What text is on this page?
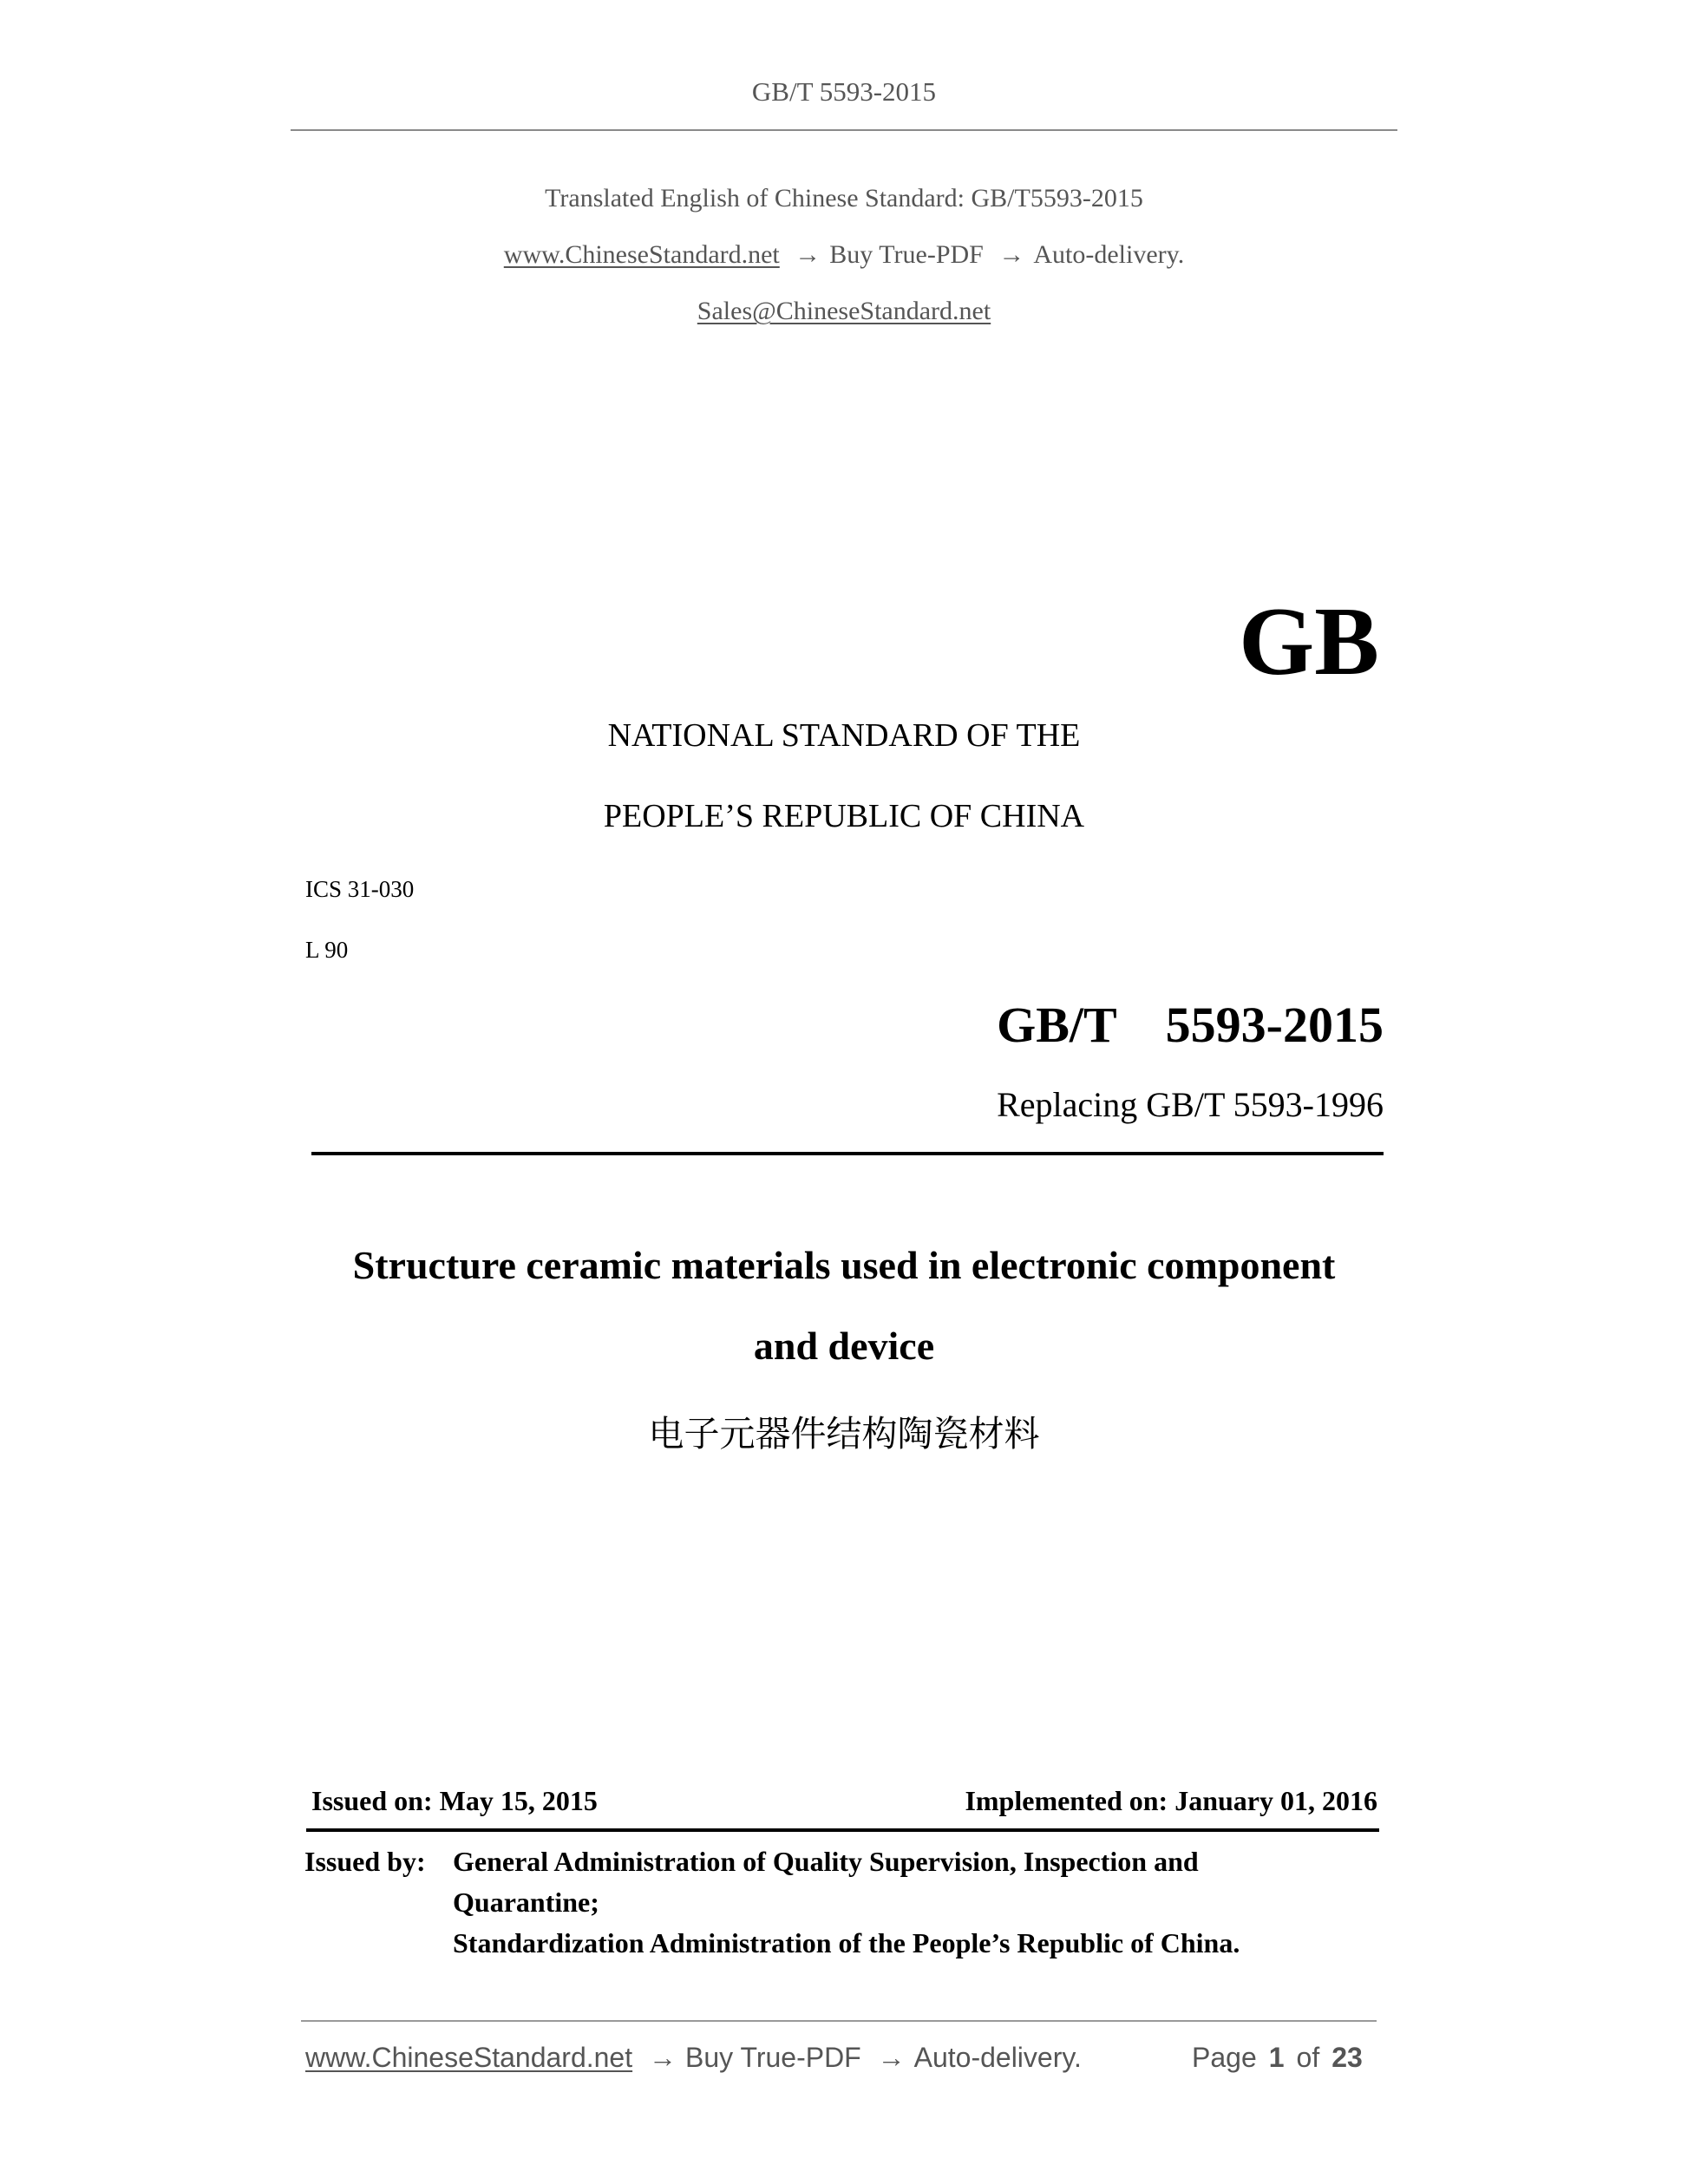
GB/T 5593-2015
Translated English of Chinese Standard: GB/T5593-2015
www.ChineseStandard.net → Buy True-PDF → Auto-delivery.
Sales@ChineseStandard.net
GB
NATIONAL STANDARD OF THE
PEOPLE’S REPUBLIC OF CHINA
ICS 31-030
L 90
GB/T  5593-2015
Replacing GB/T 5593-1996
Structure ceramic materials used in electronic component
and device
电子元器件结构陶瓷材料
Issued on: May 15, 2015	Implemented on: January 01, 2016
Issued by: General Administration of Quality Supervision, Inspection and
Quarantine;
Standardization Administration of the People’s Republic of China.
www.ChineseStandard.net → Buy True-PDF → Auto-delivery.	Page 1 of 23
